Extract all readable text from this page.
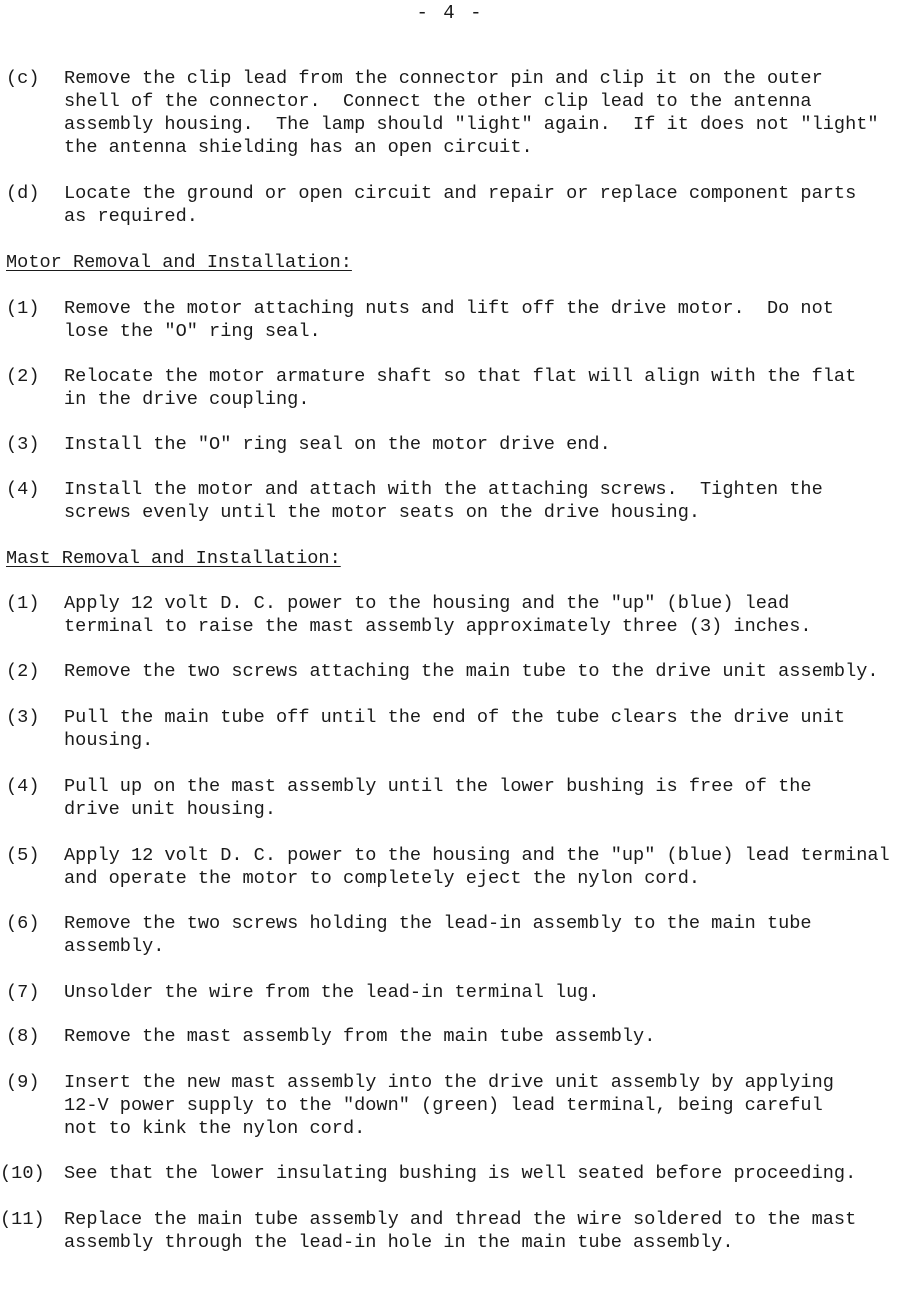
- 4 -

(c)

Remove the clip lead from the connector pin and clip it on the outer
shell of the connector.  Connect the other clip lead to the antenna
assembly housing.  The lamp should "light" again.  If it does not "light"
the antenna shielding has an open circuit.

(d)

Locate the ground or open circuit and repair or replace component parts
as required.

Motor Removal and Installation:

(1)

Remove the motor attaching nuts and lift off the drive motor.  Do not
lose the "O" ring seal.

(2)

Relocate the motor armature shaft so that flat will align with the flat
in the drive coupling.

(3)

Install the "O" ring seal on the motor drive end.

(4)

Install the motor and attach with the attaching screws.  Tighten the
screws evenly until the motor seats on the drive housing.

Mast Removal and Installation:

(1)

Apply 12 volt D. C. power to the housing and the "up" (blue) lead
terminal to raise the mast assembly approximately three (3) inches.

(2)

Remove the two screws attaching the main tube to the drive unit assembly.

(3)

Pull the main tube off until the end of the tube clears the drive unit
housing.

(4)

Pull up on the mast assembly until the lower bushing is free of the
drive unit housing.

(5)

Apply 12 volt D. C. power to the housing and the "up" (blue) lead terminal
and operate the motor to completely eject the nylon cord.

(6)

Remove the two screws holding the lead-in assembly to the main tube
assembly.

(7)

Unsolder the wire from the lead-in terminal lug.

(8)

Remove the mast assembly from the main tube assembly.

(9)

Insert the new mast assembly into the drive unit assembly by applying
12-V power supply to the "down" (green) lead terminal, being careful
not to kink the nylon cord.

(10)

See that the lower insulating bushing is well seated before proceeding.

(11)

Replace the main tube assembly and thread the wire soldered to the mast
assembly through the lead-in hole in the main tube assembly.
